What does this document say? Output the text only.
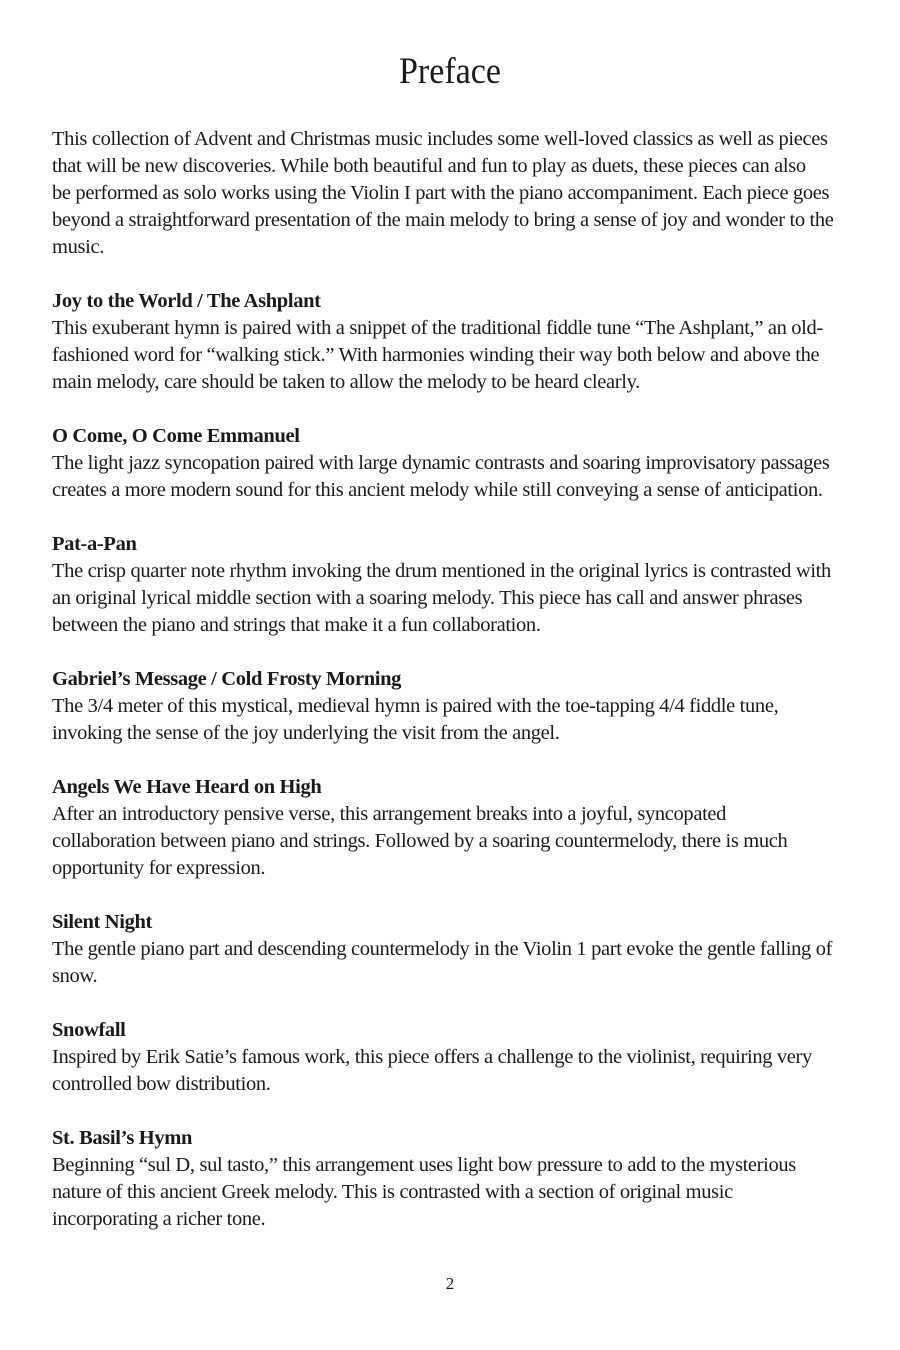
Preface

This collection of Advent and Christmas music includes some well-loved classics as well as pieces

that will be new discoveries. While both beautiful and fun to play as duets, these pieces can also

be performed as solo works using the Violin I part with the piano accompaniment. Each piece goes

beyond a straightforward presentation of the main melody to bring a sense of joy and wonder to the

music.

Joy to the World / The Ashplant

This exuberant hymn is paired with a snippet of the traditional fiddle tune “The Ashplant,” an old-

fashioned word for “walking stick.” With harmonies winding their way both below and above the

main melody, care should be taken to allow the melody to be heard clearly.

O Come, O Come Emmanuel

The light jazz syncopation paired with large dynamic contrasts and soaring improvisatory passages

creates a more modern sound for this ancient melody while still conveying a sense of anticipation.

Pat-a-Pan

The crisp quarter note rhythm invoking the drum mentioned in the original lyrics is contrasted with

an original lyrical middle section with a soaring melody. This piece has call and answer phrases

between the piano and strings that make it a fun collaboration.

Gabriel’s Message / Cold Frosty Morning

The 3/4 meter of this mystical, medieval hymn is paired with the toe-tapping 4/4 fiddle tune,

invoking the sense of the joy underlying the visit from the angel.

Angels We Have Heard on High

After an introductory pensive verse, this arrangement breaks into a joyful, syncopated

collaboration between piano and strings. Followed by a soaring countermelody, there is much

opportunity for expression.

Silent Night

The gentle piano part and descending countermelody in the Violin 1 part evoke the gentle falling of

snow.

Snowfall

Inspired by Erik Satie’s famous work, this piece offers a challenge to the violinist, requiring very

controlled bow distribution.

St. Basil’s Hymn

Beginning “sul D, sul tasto,” this arrangement uses light bow pressure to add to the mysterious

nature of this ancient Greek melody. This is contrasted with a section of original music

incorporating a richer tone.

2
